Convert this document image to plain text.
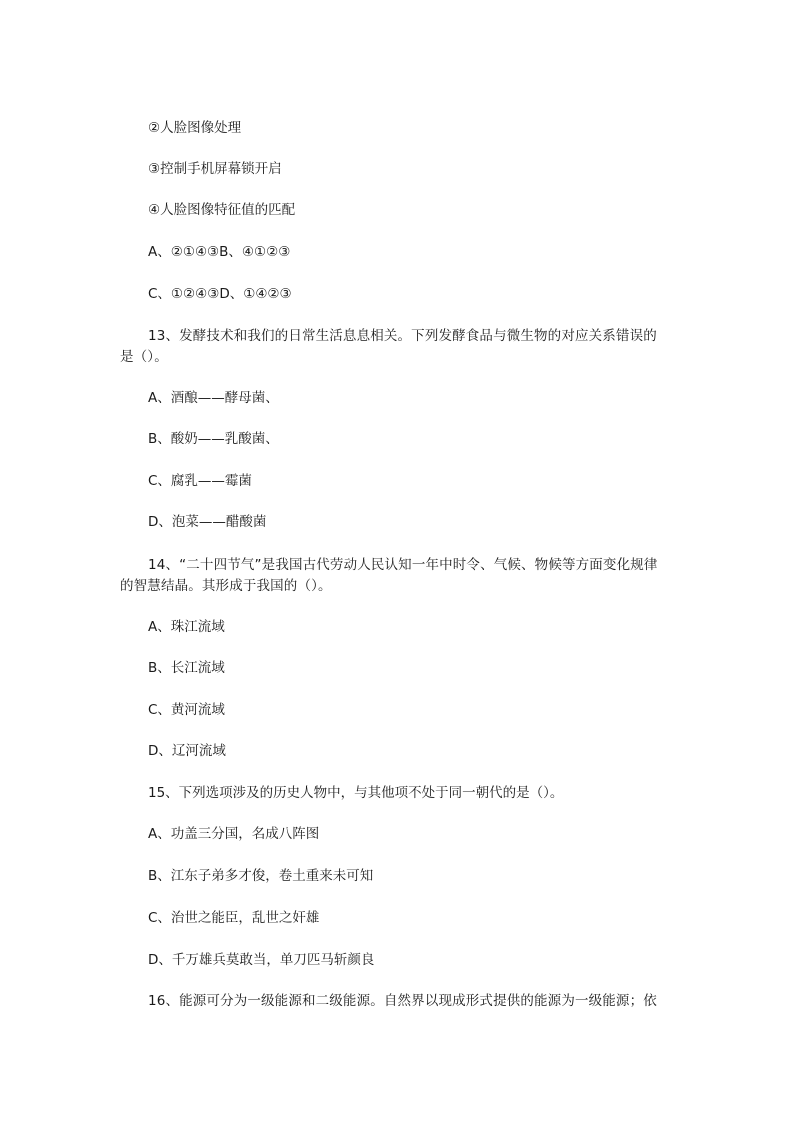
②人脸图像处理
③控制手机屏幕锁开启
④人脸图像特征值的匹配
A、②①④③B、④①②③
C、①②④③D、①④②③
13、发酵技术和我们的日常生活息息相关。下列发酵食品与微生物的对应关系错误的是（）。
A、酒酿——酵母菌、
B、酸奶——乳酸菌、
C、腐乳——霉菌
D、泡菜——醋酸菌
14、“二十四节气”是我国古代劳动人民认知一年中时令、气候、物候等方面变化规律的智慧结晶。其形成于我国的（）。
A、珠江流域
B、长江流域
C、黄河流域
D、辽河流域
15、下列选项涉及的历史人物中，与其他项不处于同一朝代的是（）。
A、功盖三分国，名成八阵图
B、江东子弟多才俊，卷土重来未可知
C、治世之能臣，乱世之奸雄
D、千万雄兵莫敢当，单刀匹马斩颜良
16、能源可分为一级能源和二级能源。自然界以现成形式提供的能源为一级能源；依
